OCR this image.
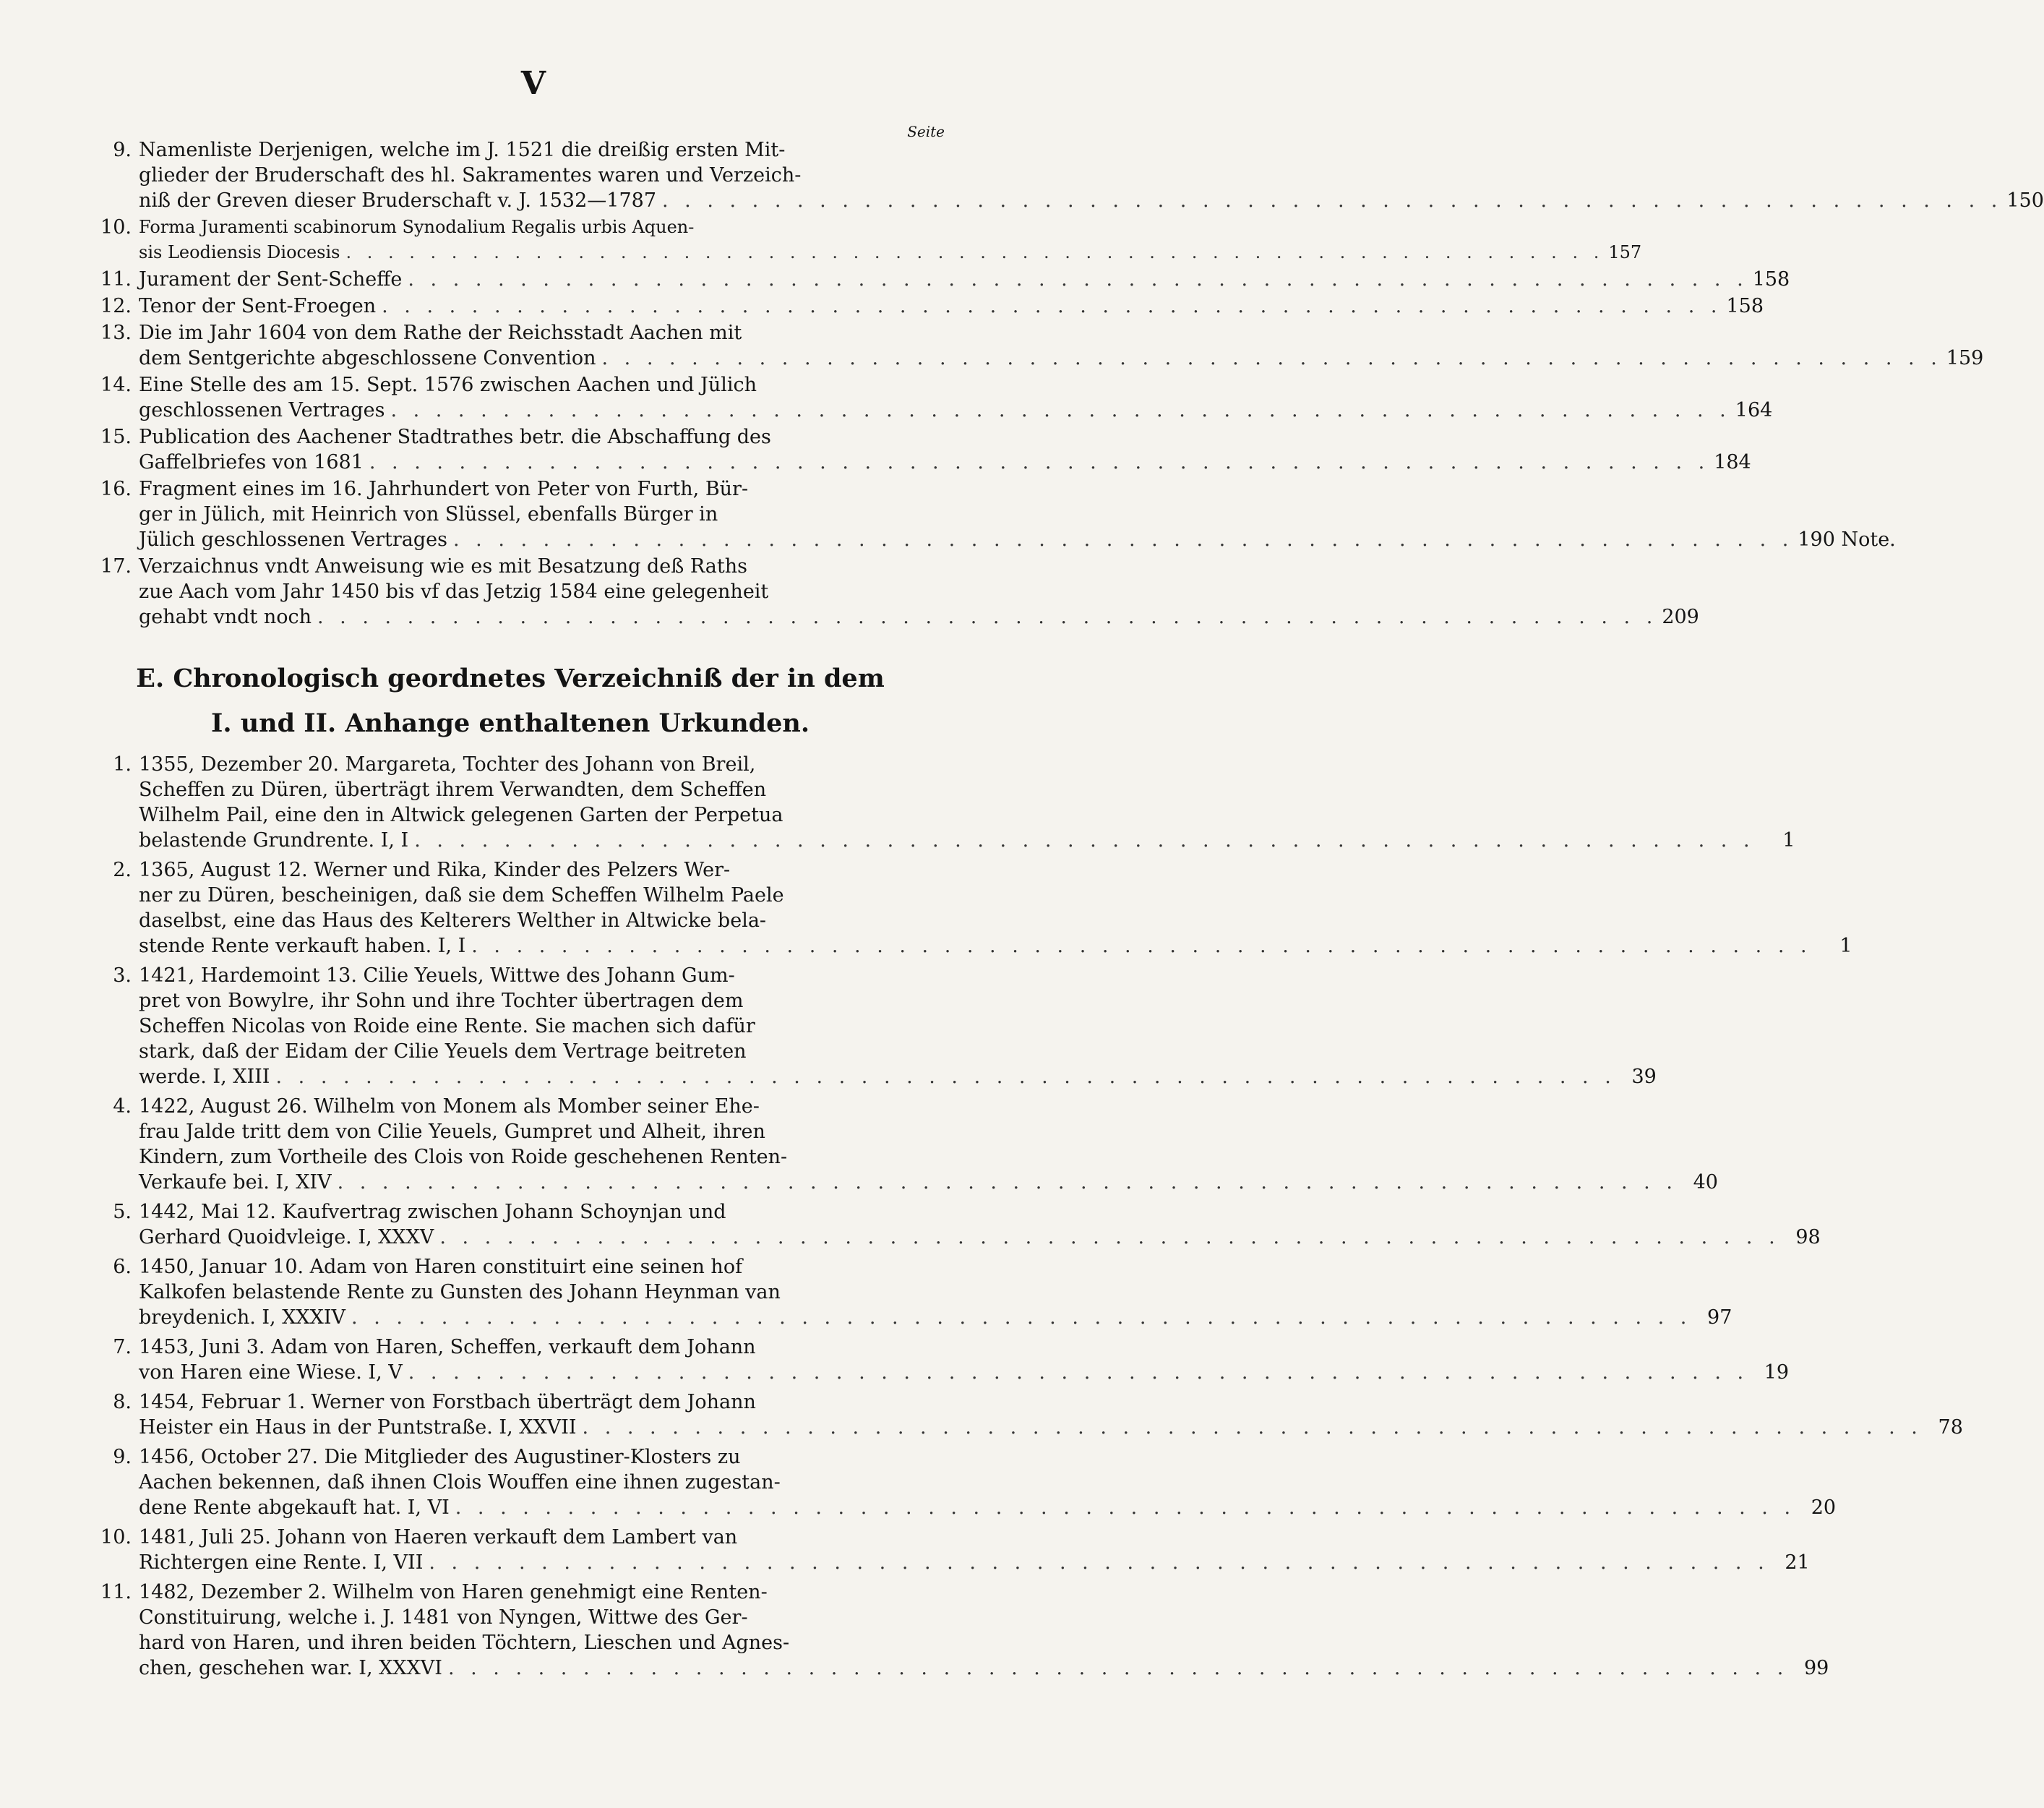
V
Seite
9. Namenliste Derjenigen, welche im J. 1521 die dreißig ersten Mit-
glieder der Bruderschaft des hl. Sakramentes waren und Verzeich-
niß der Greven dieser Bruderschaft v. J. 1532—1787 . . . . . . . . . . . . . . . . . . . . . . . . . . . . . . . . . . . . . . . . . . . . . . . . . . . . . . . . . . . . 150
10. Forma Juramenti scabinorum Synodalium Regalis urbis Aquen-
sis Leodiensis Diocesis . . . . . . . . . . . . . . . . . . . . . . . . . . . . . . . . . . . . . . . . . . . . . . . . . . . . . . . . . . . . 157
11. Jurament der Sent-Scheffe . . . . . . . . . . . . . . . . . . . . . . . . . . . . . . . . . . . . . . . . . . . . . . . . . . . . . . . . . . . . 158
12. Tenor der Sent-Froegen . . . . . . . . . . . . . . . . . . . . . . . . . . . . . . . . . . . . . . . . . . . . . . . . . . . . . . . . . . . . 158
13. Die im Jahr 1604 von dem Rathe der Reichsstadt Aachen mit
dem Sentgerichte abgeschlossene Convention . . . . . . . . . . . . . . . . . . . . . . . . . . . . . . . . . . . . . . . . . . . . . . . . . . . . . . . . . . . . 159
14. Eine Stelle des am 15. Sept. 1576 zwischen Aachen und Jülich
geschlossenen Vertrages . . . . . . . . . . . . . . . . . . . . . . . . . . . . . . . . . . . . . . . . . . . . . . . . . . . . . . . . . . . . 164
15. Publication des Aachener Stadtrathes betr. die Abschaffung des
Gaffelbriefes von 1681 . . . . . . . . . . . . . . . . . . . . . . . . . . . . . . . . . . . . . . . . . . . . . . . . . . . . . . . . . . . . 184
16. Fragment eines im 16. Jahrhundert von Peter von Furth, Bür-
ger in Jülich, mit Heinrich von Slüssel, ebenfalls Bürger in
Jülich geschlossenen Vertrages . . . . . . . . . . . . . . . . . . . . . . . . . . . . . . . . . . . . . . . . . . . . . . . . . . . . . . . . . . . . 190 Note.
17. Verzaichnus vndt Anweisung wie es mit Besatzung deß Raths
zue Aach vom Jahr 1450 bis vf das Jetzig 1584 eine gelegenheit
gehabt vndt noch . . . . . . . . . . . . . . . . . . . . . . . . . . . . . . . . . . . . . . . . . . . . . . . . . . . . . . . . . . . . 209
E. Chronologisch geordnetes Verzeichniß der in dem
I. und II. Anhange enthaltenen Urkunden.
1. 1355, Dezember 20. Margareta, Tochter des Johann von Breil,
Scheffen zu Düren, überträgt ihrem Verwandten, dem Scheffen
Wilhelm Pail, eine den in Altwick gelegenen Garten der Perpetua
belastende Grundrente. I, I . . . . . . . . . . . . . . . . . . . . . . . . . . . . . . . . . . . . . . . . . . . . . . . . . . . . . . . . . . . .	1
2. 1365, August 12. Werner und Rika, Kinder des Pelzers Wer-
ner zu Düren, bescheinigen, daß sie dem Scheffen Wilhelm Paele
daselbst, eine das Haus des Kelterers Welther in Altwicke bela-
stende Rente verkauft haben. I, I . . . . . . . . . . . . . . . . . . . . . . . . . . . . . . . . . . . . . . . . . . . . . . . . . . . . . . . . . . . .	1
3. 1421, Hardemoint 13. Cilie Yeuels, Wittwe des Johann Gum-
pret von Bowylre, ihr Sohn und ihre Tochter übertragen dem
Scheffen Nicolas von Roide eine Rente. Sie machen sich dafür
stark, daß der Eidam der Cilie Yeuels dem Vertrage beitreten
werde. I, XIII . . . . . . . . . . . . . . . . . . . . . . . . . . . . . . . . . . . . . . . . . . . . . . . . . . . . . . . . . . . . 39
4. 1422, August 26. Wilhelm von Monem als Momber seiner Ehe-
frau Jalde tritt dem von Cilie Yeuels, Gumpret und Alheit, ihren
Kindern, zum Vortheile des Clois von Roide geschehenen Renten-
Verkaufe bei. I, XIV . . . . . . . . . . . . . . . . . . . . . . . . . . . . . . . . . . . . . . . . . . . . . . . . . . . . . . . . . . . . 40
5. 1442, Mai 12. Kaufvertrag zwischen Johann Schoynjan und
Gerhard Quoidvleige. I, XXXV . . . . . . . . . . . . . . . . . . . . . . . . . . . . . . . . . . . . . . . . . . . . . . . . . . . . . . . . . . . . 98
6. 1450, Januar 10. Adam von Haren constituirt eine seinen hof
Kalkofen belastende Rente zu Gunsten des Johann Heynman van
breydenich. I, XXXIV . . . . . . . . . . . . . . . . . . . . . . . . . . . . . . . . . . . . . . . . . . . . . . . . . . . . . . . . . . . . 97
7. 1453, Juni 3. Adam von Haren, Scheffen, verkauft dem Johann
von Haren eine Wiese. I, V . . . . . . . . . . . . . . . . . . . . . . . . . . . . . . . . . . . . . . . . . . . . . . . . . . . . . . . . . . . . 19
8. 1454, Februar 1. Werner von Forstbach überträgt dem Johann
Heister ein Haus in der Puntstraße. I, XXVII . . . . . . . . . . . . . . . . . . . . . . . . . . . . . . . . . . . . . . . . . . . . . . . . . . . . . . . . . . . . 78
9. 1456, October 27. Die Mitglieder des Augustiner-Klosters zu
Aachen bekennen, daß ihnen Clois Wouffen eine ihnen zugestan-
dene Rente abgekauft hat. I, VI . . . . . . . . . . . . . . . . . . . . . . . . . . . . . . . . . . . . . . . . . . . . . . . . . . . . . . . . . . . . 20
10. 1481, Juli 25. Johann von Haeren verkauft dem Lambert van
Richtergen eine Rente. I, VII . . . . . . . . . . . . . . . . . . . . . . . . . . . . . . . . . . . . . . . . . . . . . . . . . . . . . . . . . . . . 21
11. 1482, Dezember 2. Wilhelm von Haren genehmigt eine Renten-
Constituirung, welche i. J. 1481 von Nyngen, Wittwe des Ger-
hard von Haren, und ihren beiden Töchtern, Lieschen und Agnes-
chen, geschehen war. I, XXXVI . . . . . . . . . . . . . . . . . . . . . . . . . . . . . . . . . . . . . . . . . . . . . . . . . . . . . . . . . . . . 99
